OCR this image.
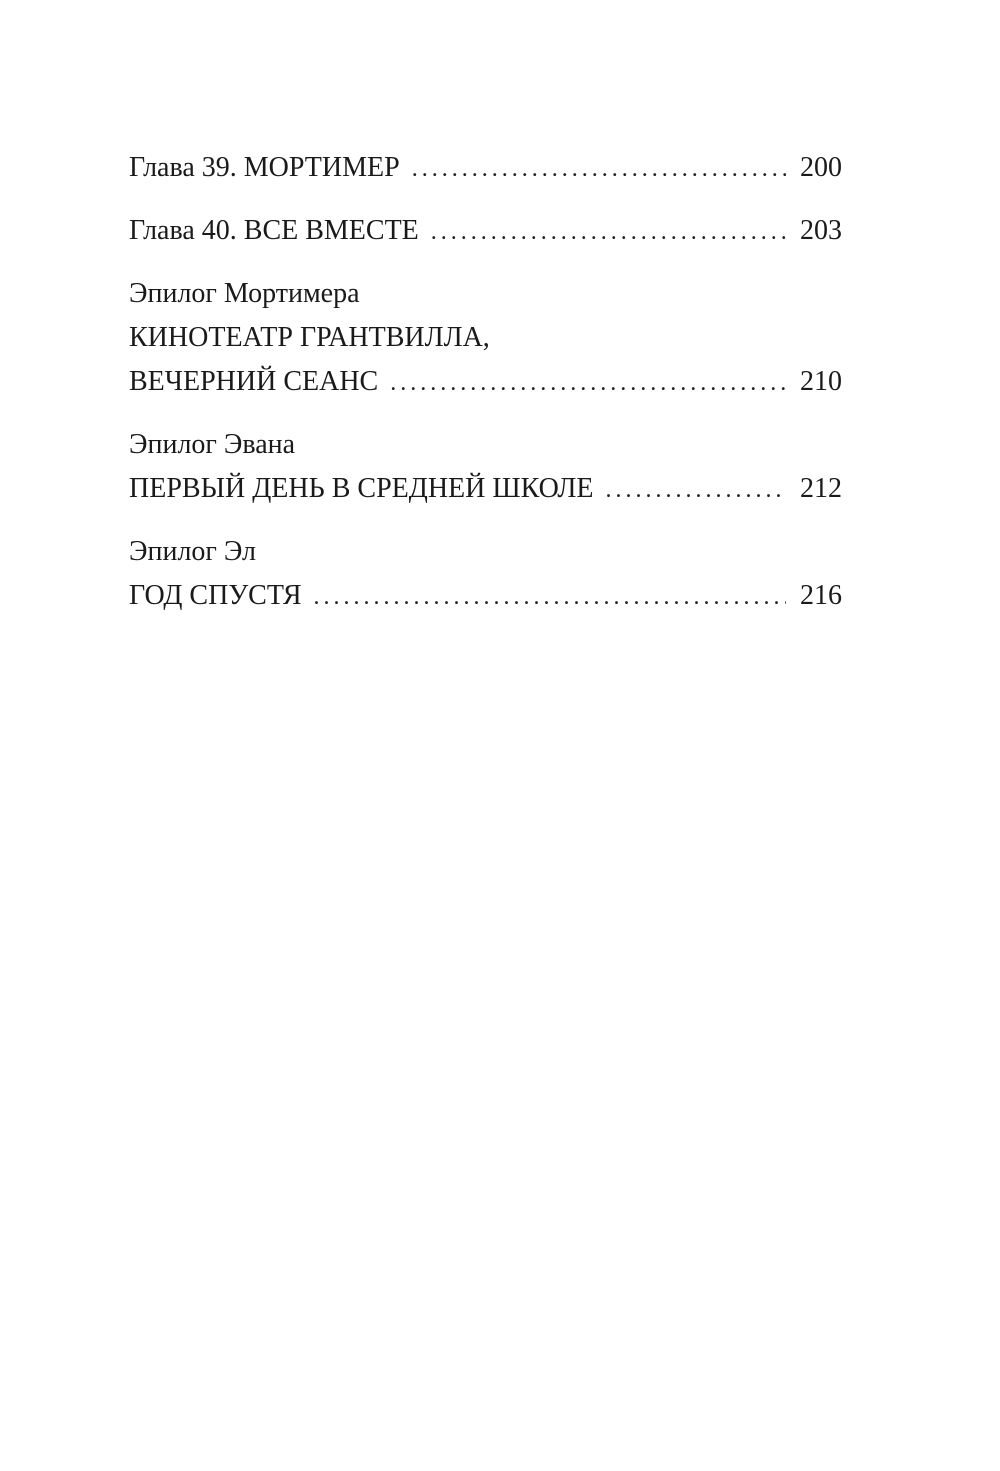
Глава 39. МОРТИМЕР . . .	200
Глава 40. ВСЕ ВМЕСТЕ . . .	203
Эпилог Мортимера
КИНОТЕАТР ГРАНТВИЛЛА,
ВЕЧЕРНИЙ СЕАНС . . .	210
Эпилог Эвана
ПЕРВЫЙ ДЕНЬ В СРЕДНЕЙ ШКОЛЕ . . .	212
Эпилог Эл
ГОД СПУСТЯ . . .	216
